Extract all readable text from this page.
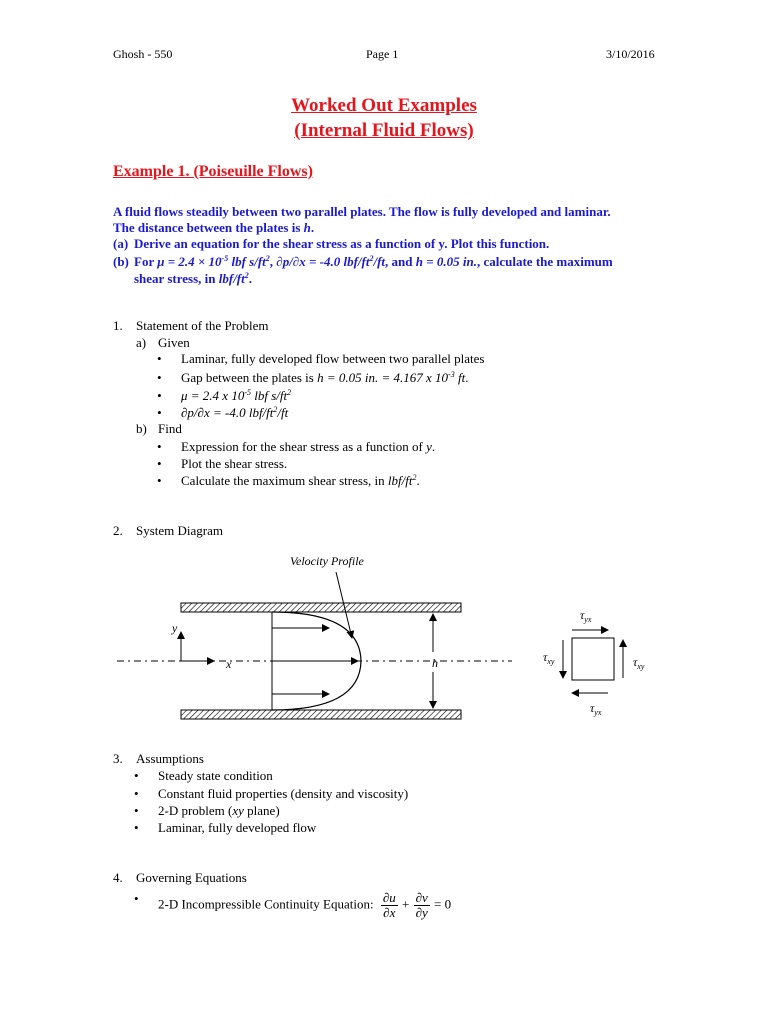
Ghosh - 550	Page 1	3/10/2016
Worked Out Examples
(Internal Fluid Flows)
Example 1. (Poiseuille Flows)
A fluid flows steadily between two parallel plates. The flow is fully developed and laminar.
The distance between the plates is h.
(a) Derive an equation for the shear stress as a function of y. Plot this function.
(b) For $\mu = 2.4 \times 10^{-5}$ lbf $s/ft^2$, ∂p/∂x = -4.0 lbf/$ft^2/ft$, and h = 0.05 in., calculate the maximum
shear stress, in lbf/$ft^2$.
1. Statement of the Problem
a) Given
• Laminar, fully developed flow between two parallel plates
• Gap between the plates is h = 0.05 in. = 4.167 x $10^{-3}$ ft.
• μ = 2.4 x $10^{-5}$ lbf $s/ft^2$
• ∂p/∂x = -4.0 lbf/$ft^2/ft$
b) Find
• Expression for the shear stress as a function of y.
• Plot the shear stress.
• Calculate the maximum shear stress, in lbf/$ft^2$.
2. System Diagram
Velocity Profile
y
x	h
$\tau_{yx}$
$\tau_{yx}$
$\tau_{xy}$	$\tau_{xy}$
3. Assumptions
• Steady state condition
• Constant fluid properties (density and viscosity)
• 2-D problem (xy plane)
• Laminar, fully developed flow
4. Governing Equations
• 2-D Incompressible Continuity Equation: $\frac{\partial u}{\partial x} + \frac{\partial v}{\partial y} = 0$
